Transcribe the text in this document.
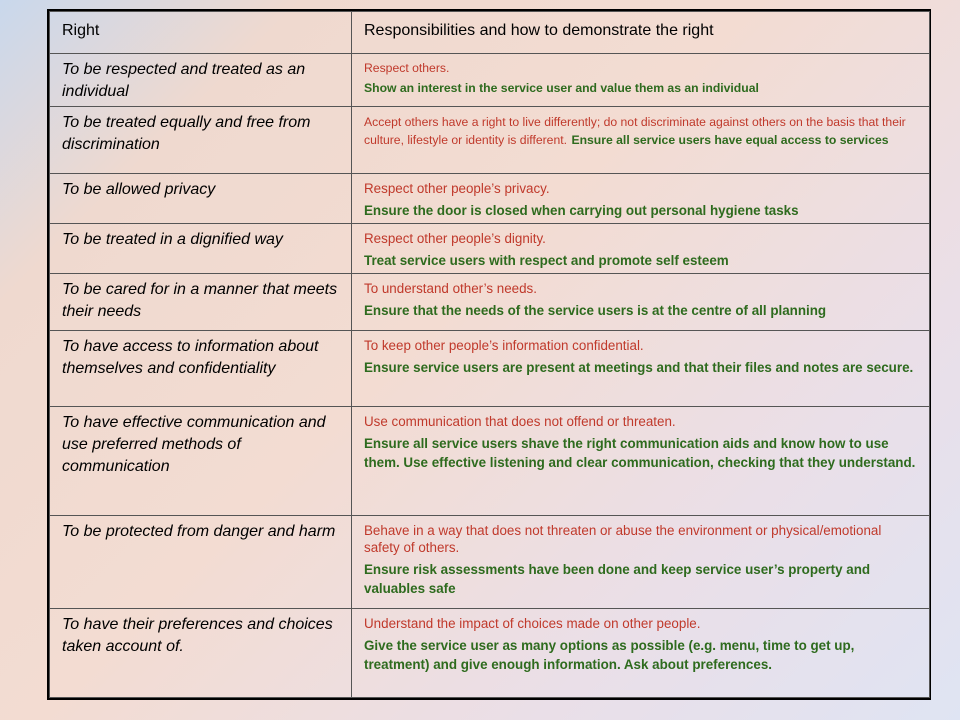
Right	Responsibilities and how to demonstrate the right
To be respected and treated as an individual	Respect others.
Show an interest in the service user and value them as an individual

To be treated equally and free from discrimination	Accept others have a right to live differently; do not discriminate against others on the basis that their culture, lifestyle or identity is different. Ensure all service users have equal access to services
To be allowed privacy	Respect other people’s privacy.
Ensure the door is closed when carrying out personal hygiene tasks

To be treated in a dignified way	Respect other people’s dignity.
Treat service users with respect and promote self esteem

To be cared for in a manner that meets their needs	To understand other’s needs.
Ensure that the needs of the service users is at the centre of all planning

To have access to information about themselves and confidentiality	To keep other people’s information confidential.
Ensure service users are present at meetings and that their files and notes are secure.

To have effective communication and use preferred methods of communication	Use communication that does not offend or threaten.
Ensure all service users shave the right communication aids and know how to use them. Use effective listening and clear communication, checking that they understand.

To be protected from danger and harm	Behave in a way that does not threaten or abuse the environment or physical/emotional safety of others.
Ensure risk assessments have been done and keep service user’s property and valuables safe

To have their preferences and choices taken account of.	Understand the impact of choices made on other people.
Give the service user as many options as possible (e.g. menu, time to get up, treatment) and give enough information. Ask about preferences.
